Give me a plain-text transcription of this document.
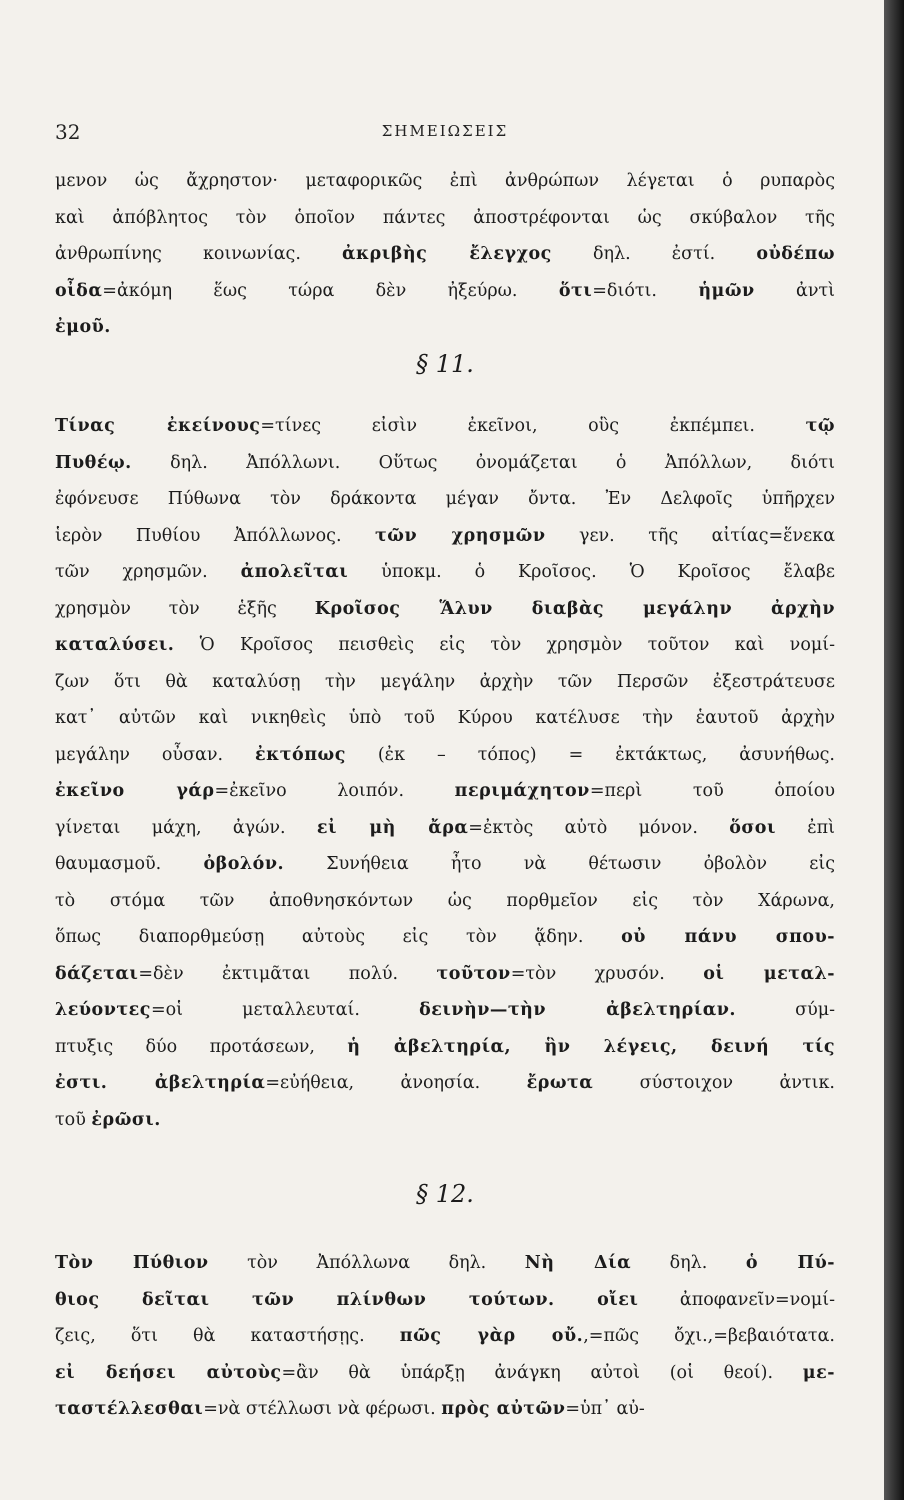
32	ΣΗΜΕΙΩΣΕΙΣ
μενον ὡς ἄχρηστον· μεταφορικῶς ἐπὶ ἀνθρώπων λέγεται ὁ ρυπαρὸς
καὶ ἀπόβλητος τὸν ὁποῖον πάντες ἀποστρέφονται ὡς σκύβαλον τῆς
ἀνθρωπίνης κοινωνίας. ἀκριβὴς ἔλεγχος δηλ. ἐστί. οὐδέπω
οἶδα=ἀκόμη ἕως τώρα δὲν ἠξεύρω. ὅτι=διότι. ἡμῶν ἀντὶ
ἐμοῦ.
§ 11.
Τίνας ἐκείνους=τίνες εἰσὶν ἐκεῖνοι, οὓς ἐκπέμπει. τῷ
Πυθέῳ. δηλ. Ἀπόλλωνι. Οὕτως ὀνομάζεται ὁ Ἀπόλλων, διότι
ἐφόνευσε Πύθωνα τὸν δράκοντα μέγαν ὄντα. Ἐν Δελφοῖς ὑπῆρχεν
ἱερὸν Πυθίου Ἀπόλλωνος. τῶν χρησμῶν γεν. τῆς αἰτίας=ἕνεκα
τῶν χρησμῶν. ἀπολεῖται ὑποκμ. ὁ Κροῖσος. Ὁ Κροῖσος ἔλαβε
χρησμὸν τὸν ἑξῆς Κροῖσος Ἅλυν διαβὰς μεγάλην ἀρχὴν
καταλύσει. Ὁ Κροῖσος πεισθεὶς εἰς τὸν χρησμὸν τοῦτον καὶ νομί-
ζων ὅτι θὰ καταλύσῃ τὴν μεγάλην ἀρχὴν τῶν Περσῶν ἐξεστράτευσε
κατ᾽ αὐτῶν καὶ νικηθεὶς ὑπὸ τοῦ Κύρου κατέλυσε τὴν ἑαυτοῦ ἀρχὴν
μεγάλην οὖσαν. ἐκτόπως (ἐκ – τόπος) = ἐκτάκτως, ἀσυνήθως.
ἐκεῖνο γάρ=ἐκεῖνο λοιπόν. περιμάχητον=περὶ τοῦ ὁποίου
γίνεται μάχη, ἀγών. εἰ μὴ ἄρα=ἐκτὸς αὐτὸ μόνον. ὅσοι ἐπὶ
θαυμασμοῦ. ὀβολόν. Συνήθεια ἦτο νὰ θέτωσιν ὀβολὸν εἰς
τὸ στόμα τῶν ἀποθνησκόντων ὡς πορθμεῖον εἰς τὸν Χάρωνα,
ὅπως διαπορθμεύσῃ αὐτοὺς εἰς τὸν ᾅδην. οὐ πάνυ σπου-
δάζεται=δὲν ἐκτιμᾶται πολύ. τοῦτον=τὸν χρυσόν. οἱ μεταλ-
λεύοντες=οἱ μεταλλευταί. δεινὴν—τὴν ἀβελτηρίαν. σύμ-
πτυξις δύο προτάσεων, ἡ ἀβελτηρία, ἣν λέγεις, δεινή τίς
ἐστι. ἀβελτηρία=εὐήθεια, ἀνοησία. ἔρωτα σύστοιχον ἀντικ.
τοῦ ἐρῶσι.
§ 12.
Τὸν Πύθιον τὸν Ἀπόλλωνα δηλ. Νὴ Δία δηλ. ὁ Πύ-
θιος δεῖται τῶν πλίνθων τούτων. οἴει ἀποφανεῖν=νομί-
ζεις, ὅτι θὰ καταστήσῃς. πῶς γὰρ οὔ.,=πῶς ὄχι.,=βεβαιότατα.
εἰ δεήσει αὐτοὺς=ἂν θὰ ὑπάρξῃ ἀνάγκη αὐτοὶ (οἱ θεοί). με-
ταστέλλεσθαι=νὰ στέλλωσι νὰ φέρωσι. πρὸς αὐτῶν=ὑπ᾽ αὐ-
